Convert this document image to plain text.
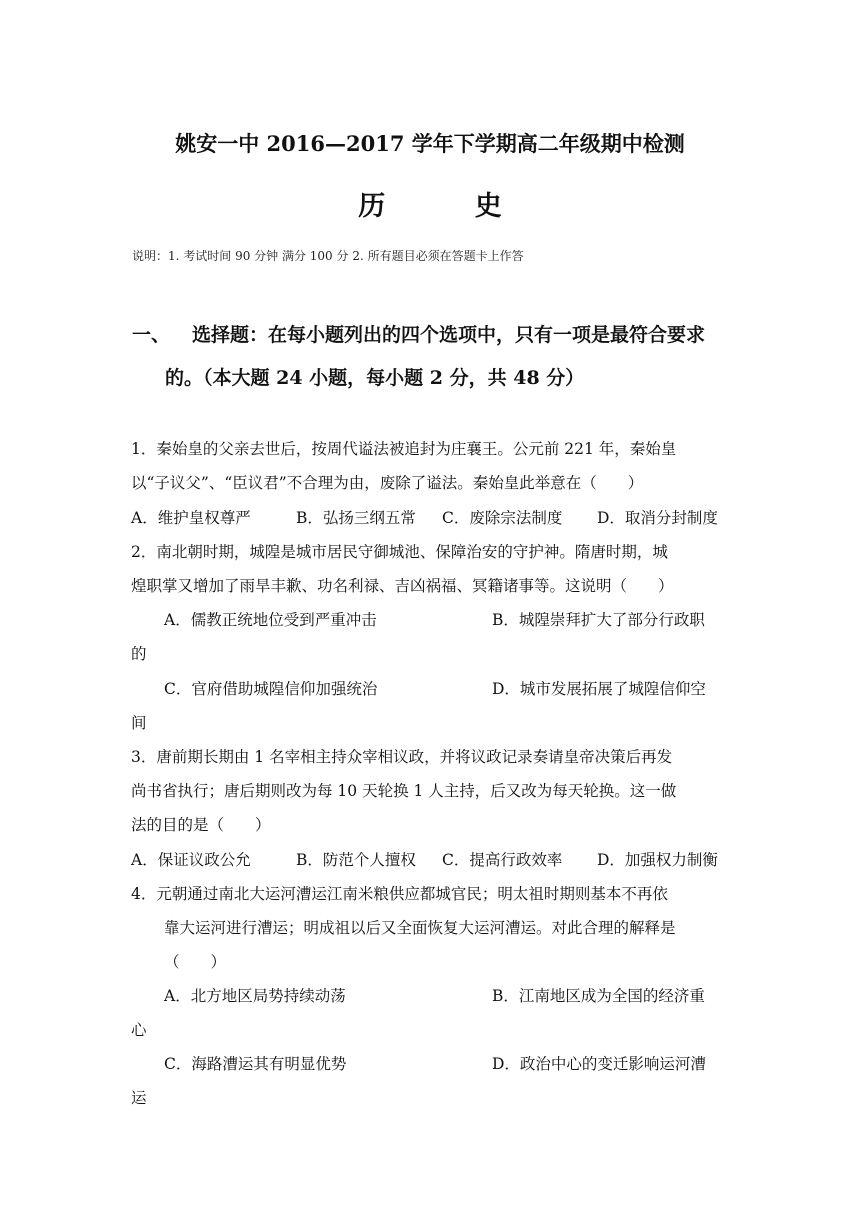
姚安一中 2016—2017 学年下学期高二年级期中检测
历 史
说明：1. 考试时间 90 分钟 满分 100 分 2. 所有题目必须在答题卡上作答
一、 选择题：在每小题列出的四个选项中，只有一项是最符合要求
的。（本大题 24 小题，每小题 2 分，共 48 分）
1．秦始皇的父亲去世后，按周代谥法被追封为庄襄王。公元前 221 年，秦始皇
以“子议父”、“臣议君”不合理为由，废除了谥法。秦始皇此举意在（　　）
A．维护皇权尊严	B．弘扬三纲五常 C．废除宗法制度 D．取消分封制度
2．南北朝时期，城隍是城市居民守御城池、保障治安的守护神。隋唐时期，城
煌职掌又增加了雨旱丰歉、功名利禄、吉凶祸福、冥籍诸事等。这说明（　　）
A．儒教正统地位受到严重冲击	B．城隍崇拜扩大了部分行政职
的
C．官府借助城隍信仰加强统治	D．城市发展拓展了城隍信仰空
间
3．唐前期长期由 1 名宰相主持众宰相议政，并将议政记录奏请皇帝决策后再发
尚书省执行；唐后期则改为每 10 天轮换 1 人主持，后又改为每天轮换。这一做
法的目的是（　　）
A．保证议政公允	B．防范个人擅权 C．提高行政效率 D．加强权力制衡
4．元朝通过南北大运河漕运江南米粮供应都城官民；明太祖时期则基本不再依
靠大运河进行漕运；明成祖以后又全面恢复大运河漕运。对此合理的解释是
（　　）
A．北方地区局势持续动荡	B．江南地区成为全国的经济重
心
C．海路漕运其有明显优势	D．政治中心的变迁影响运河漕
运
